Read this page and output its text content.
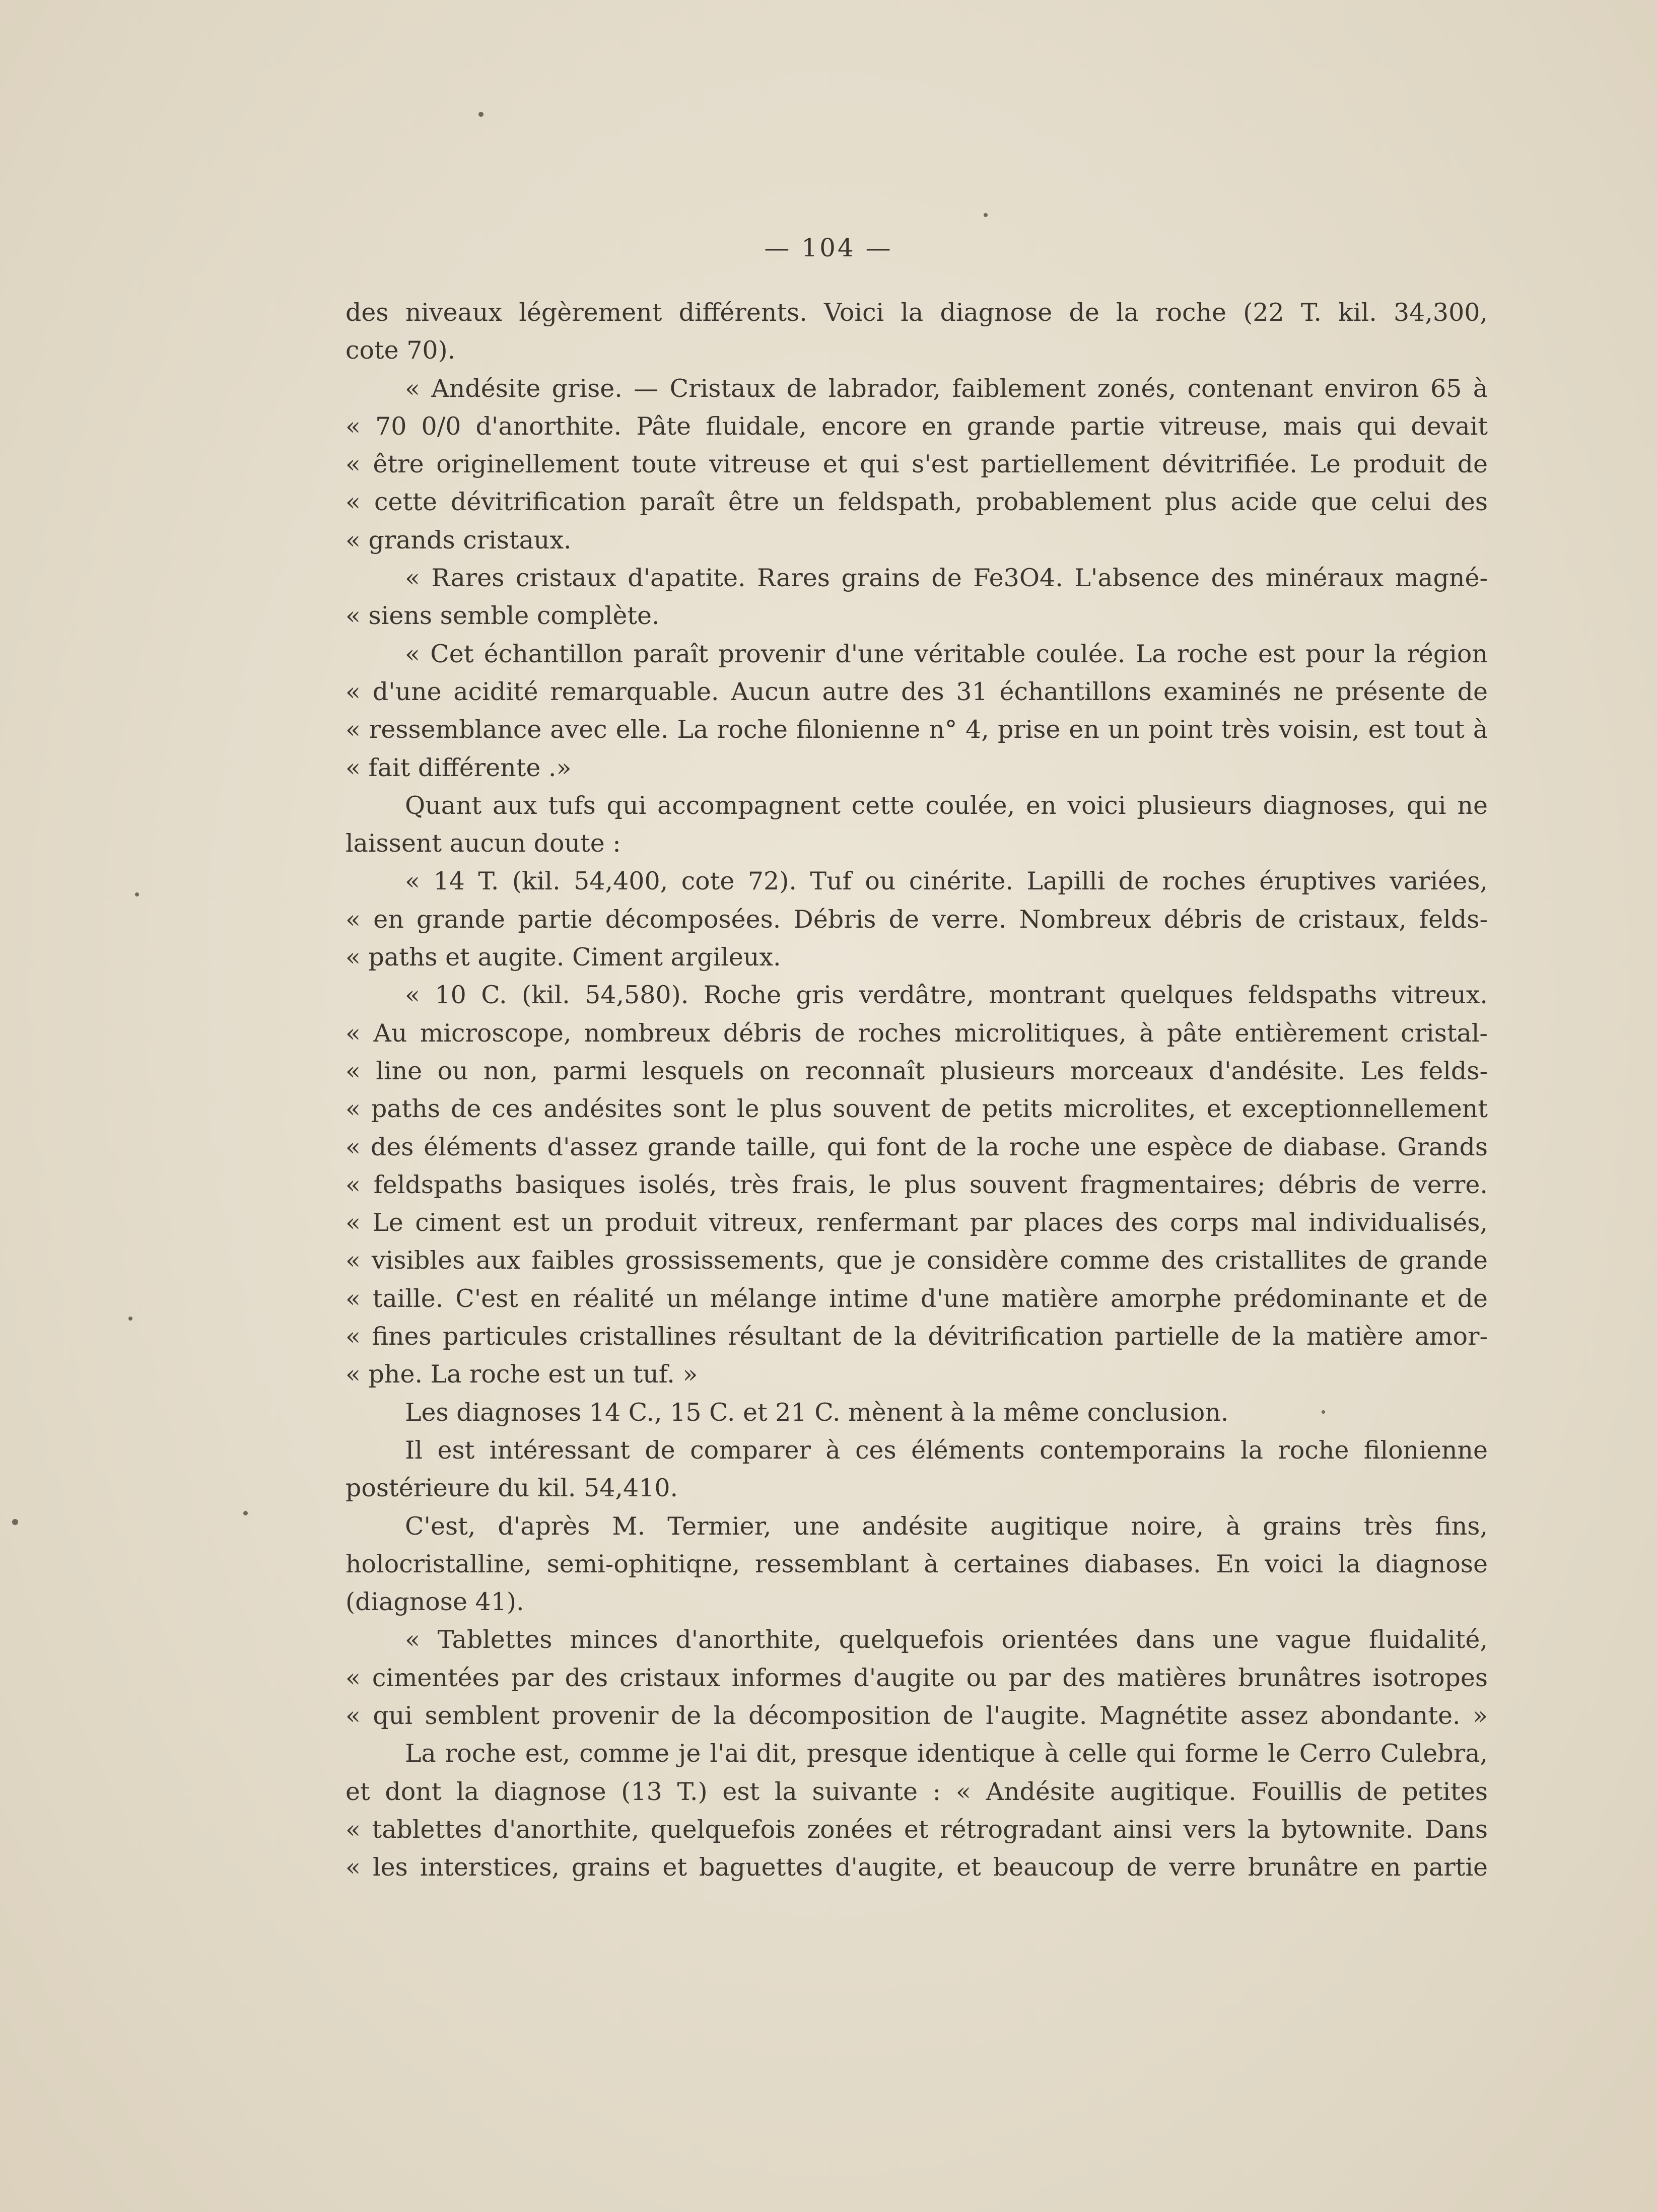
— 104 —
des niveaux légèrement différents. Voici la diagnose de la roche (22 T. kil. 34,300,
cote 70).
« Andésite grise. — Cristaux de labrador, faiblement zonés, contenant environ 65 à
« 70 0/0 d'anorthite. Pâte fluidale, encore en grande partie vitreuse, mais qui devait
« être originellement toute vitreuse et qui s'est partiellement dévitrifiée. Le produit de
« cette dévitrification paraît être un feldspath, probablement plus acide que celui des
« grands cristaux.
« Rares cristaux d'apatite. Rares grains de Fe3O4. L'absence des minéraux magné-
« siens semble complète.
« Cet échantillon paraît provenir d'une véritable coulée. La roche est pour la région
« d'une acidité remarquable. Aucun autre des 31 échantillons examinés ne présente de
« ressemblance avec elle. La roche filonienne n° 4, prise en un point très voisin, est tout à
« fait différente .»
Quant aux tufs qui accompagnent cette coulée, en voici plusieurs diagnoses, qui ne
laissent aucun doute :
« 14 T. (kil. 54,400, cote 72). Tuf ou cinérite. Lapilli de roches éruptives variées,
« en grande partie décomposées. Débris de verre. Nombreux débris de cristaux, felds-
« paths et augite. Ciment argileux.
« 10 C. (kil. 54,580). Roche gris verdâtre, montrant quelques feldspaths vitreux.
« Au microscope, nombreux débris de roches microlitiques, à pâte entièrement cristal-
« line ou non, parmi lesquels on reconnaît plusieurs morceaux d'andésite. Les felds-
« paths de ces andésites sont le plus souvent de petits microlites, et exceptionnellement
« des éléments d'assez grande taille, qui font de la roche une espèce de diabase. Grands
« feldspaths basiques isolés, très frais, le plus souvent fragmentaires; débris de verre.
« Le ciment est un produit vitreux, renfermant par places des corps mal individualisés,
« visibles aux faibles grossissements, que je considère comme des cristallites de grande
« taille. C'est en réalité un mélange intime d'une matière amorphe prédominante et de
« fines particules cristallines résultant de la dévitrification partielle de la matière amor-
« phe. La roche est un tuf. »
Les diagnoses 14 C., 15 C. et 21 C. mènent à la même conclusion.
Il est intéressant de comparer à ces éléments contemporains la roche filonienne
postérieure du kil. 54,410.
C'est, d'après M. Termier, une andésite augitique noire, à grains très fins,
holocristalline, semi-ophitiqne, ressemblant à certaines diabases. En voici la diagnose
(diagnose 41).
« Tablettes minces d'anorthite, quelquefois orientées dans une vague fluidalité,
« cimentées par des cristaux informes d'augite ou par des matières brunâtres isotropes
« qui semblent provenir de la décomposition de l'augite. Magnétite assez abondante. »
La roche est, comme je l'ai dit, presque identique à celle qui forme le Cerro Culebra,
et dont la diagnose (13 T.) est la suivante : « Andésite augitique. Fouillis de petites
« tablettes d'anorthite, quelquefois zonées et rétrogradant ainsi vers la bytownite. Dans
« les interstices, grains et baguettes d'augite, et beaucoup de verre brunâtre en partie
